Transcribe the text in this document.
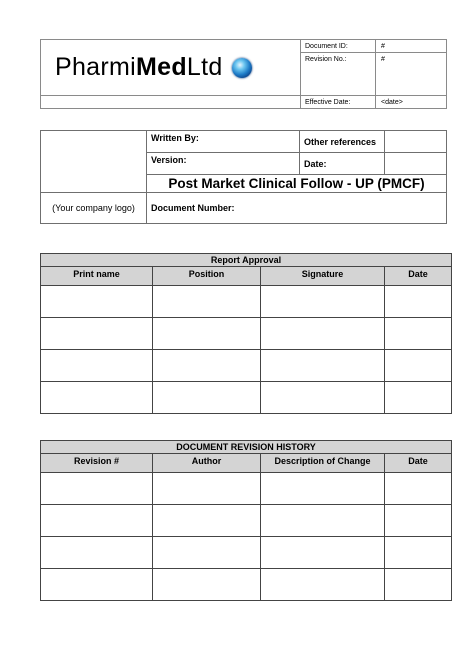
Pharmi Med Ltd	Document ID:	#
	Revision No.:	#
	Effective Date:	<date>
	Written By:	Other references	
	Version:	Date:	
	Post Market Clinical Follow - UP (PMCF)		
(Your company logo)	Document Number:		
Report Approval			
Print name	Position	Signature	Date

DOCUMENT REVISION HISTORY			
Revision #	Author	Description of Change	Date
